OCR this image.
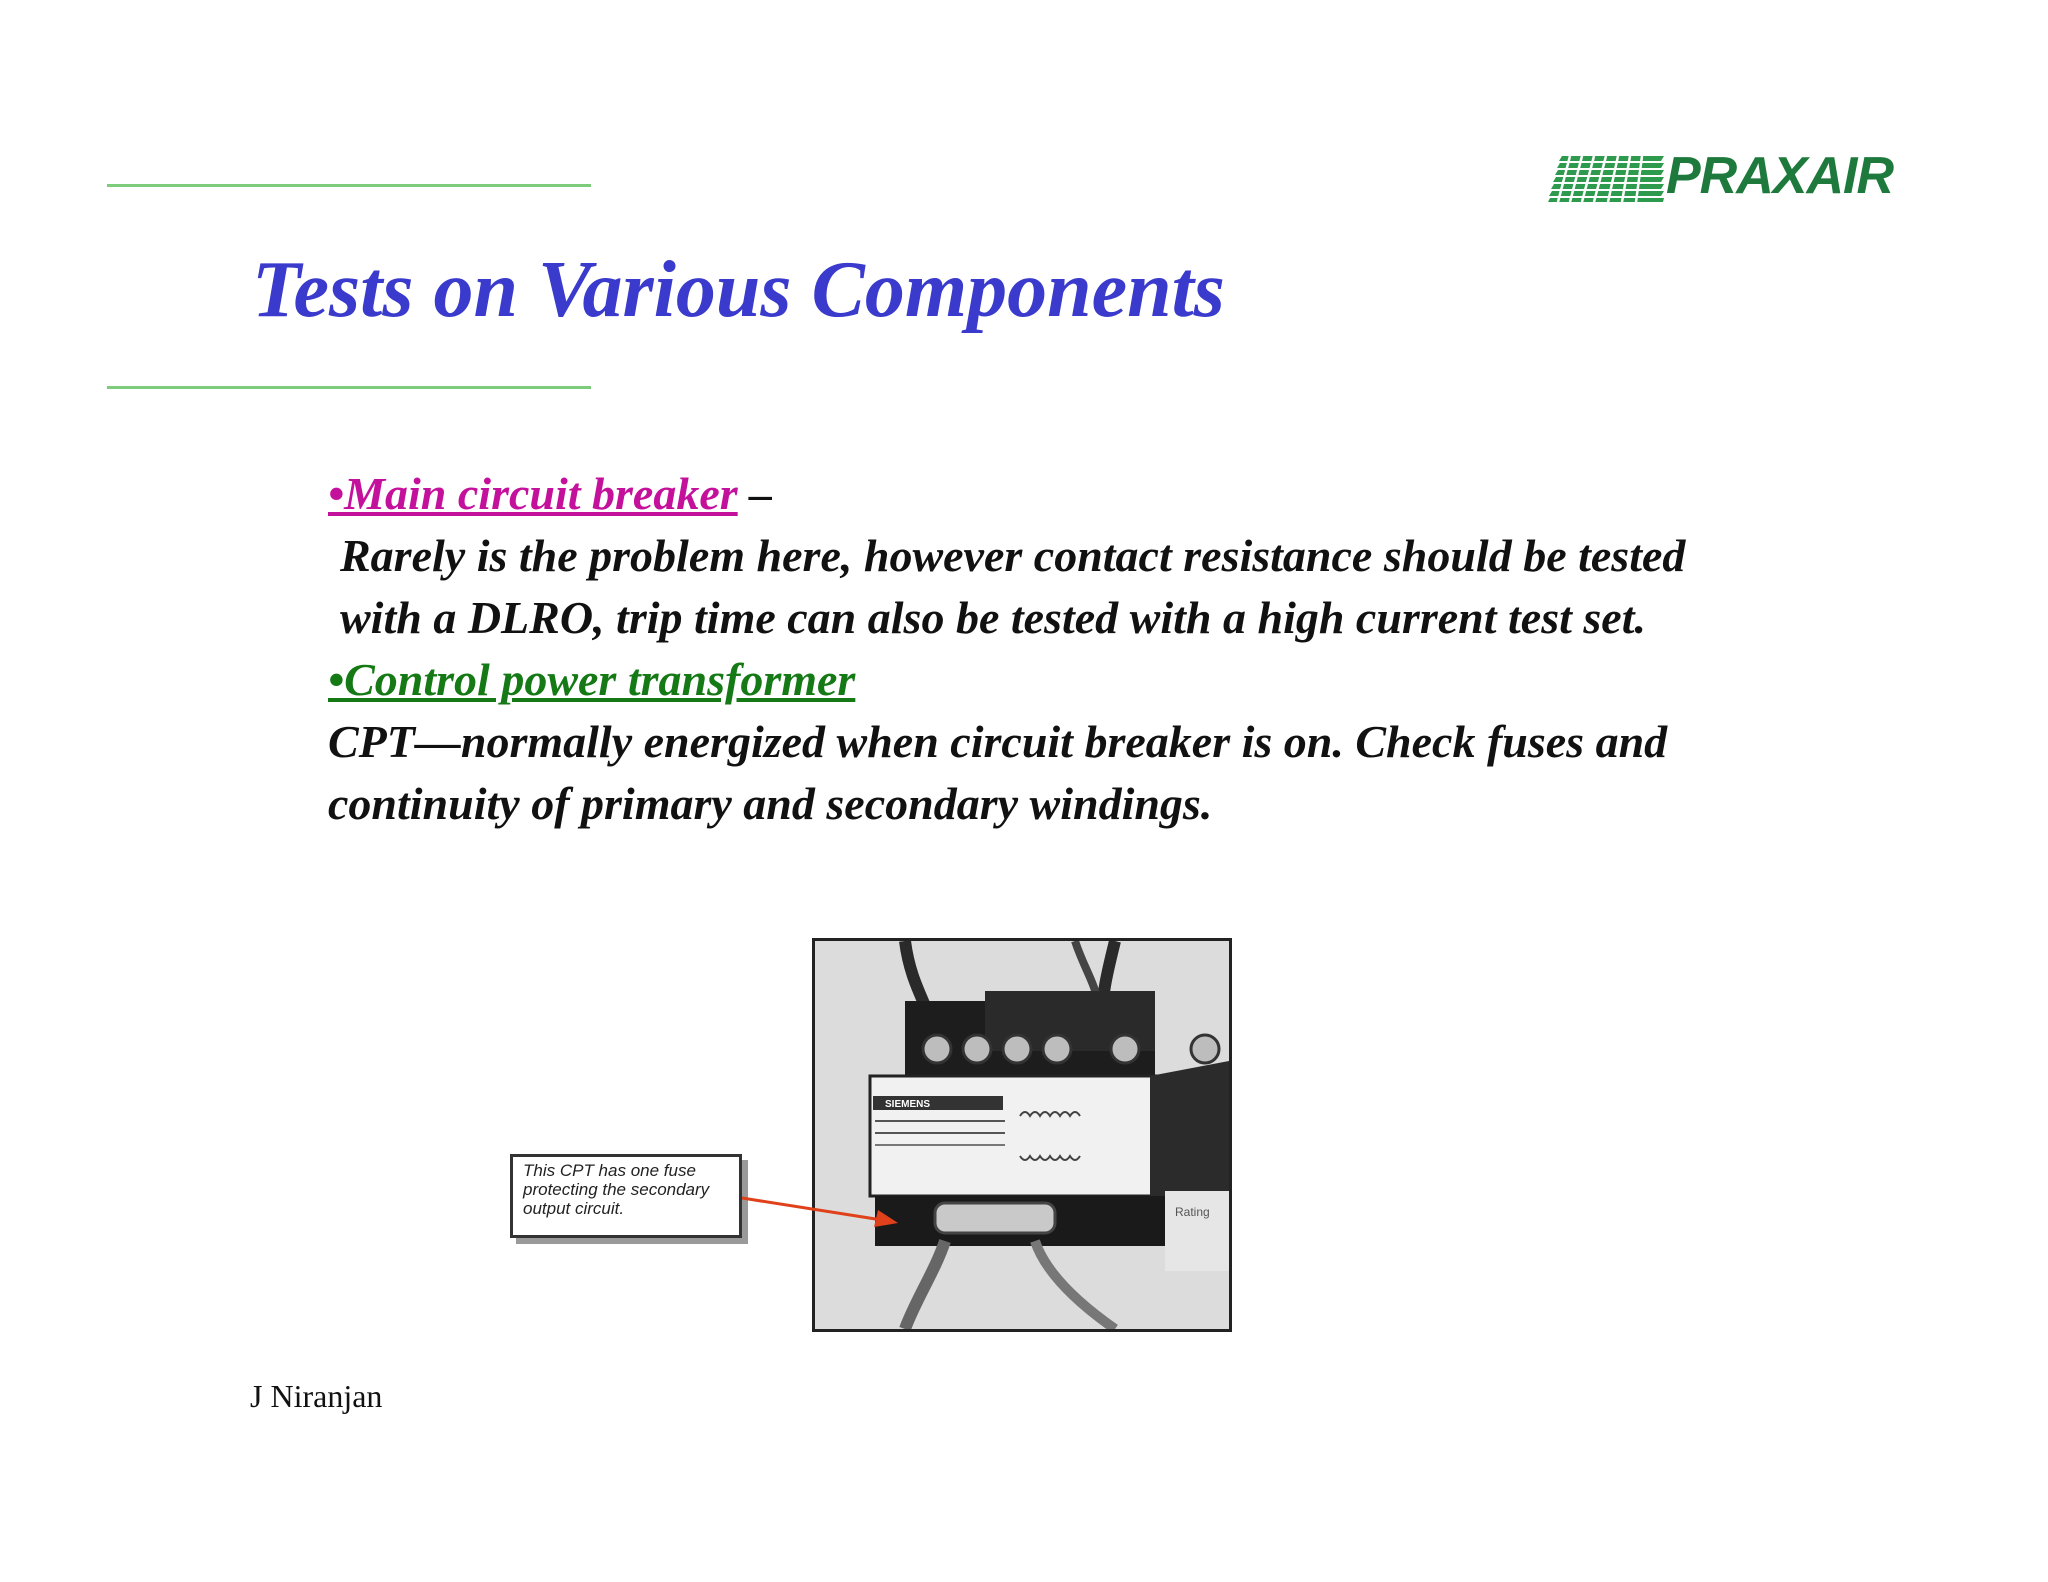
PRAXAIR
Tests on Various Components

•Main circuit breaker –

Rarely is the problem here, however contact resistance should be tested with a DLRO, trip time can also be tested with a high current test set.

•Control power transformer

CPT—normally energized when circuit breaker is on. Check fuses and continuity of primary and secondary windings.

SIEMENS
Rating
This CPT has one fuse protecting the secondary output circuit.
J Niranjan
